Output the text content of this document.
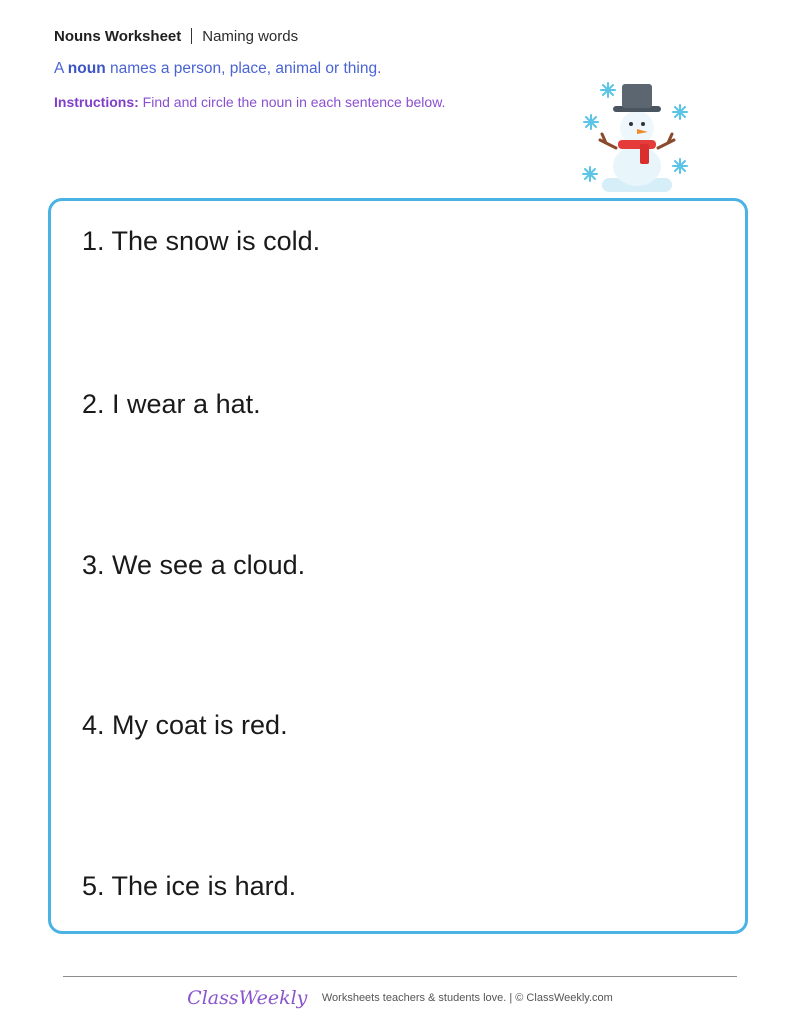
Nouns Worksheet Naming words
A noun names a person, place, animal or thing.
Instructions: Find and circle the noun in each sentence below.
1. The snow is cold.
2. I wear a hat.
3. We see a cloud.
4. My coat is red.
5. The ice is hard.
ClassWeekly Worksheets teachers & students love. | © ClassWeekly.com
